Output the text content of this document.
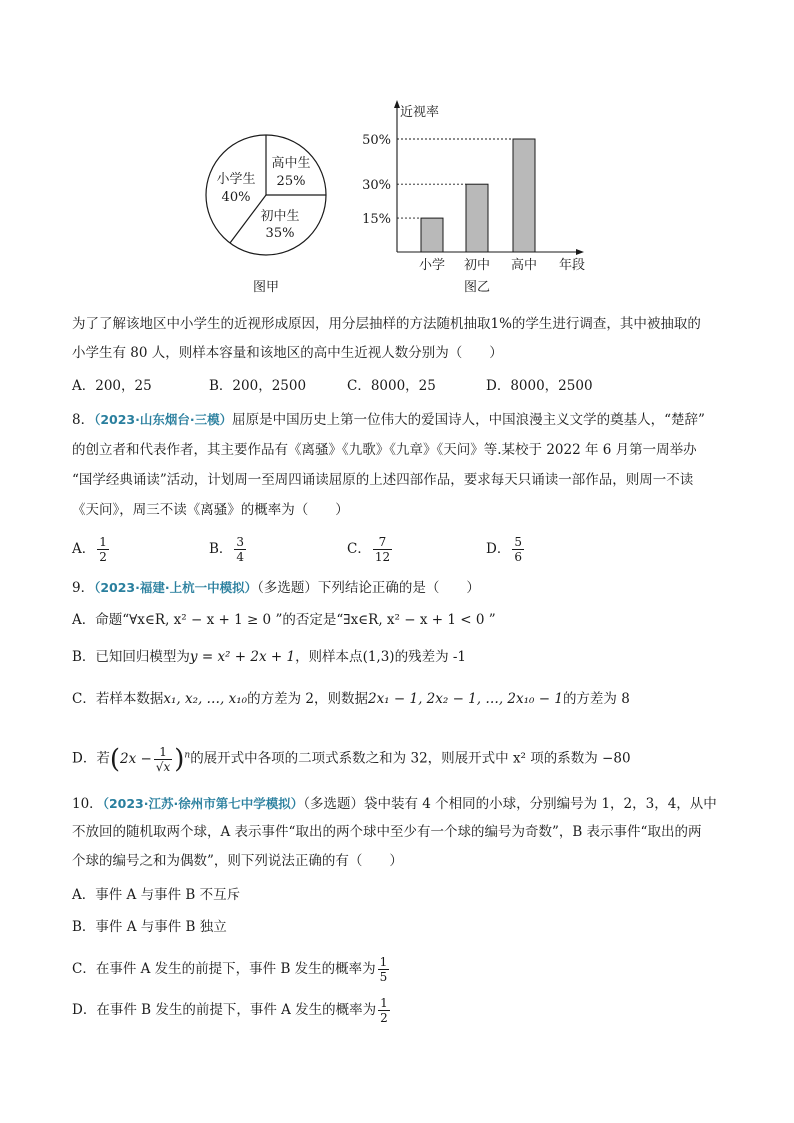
小学生
40%
初中生
35%
高中生
25%
图甲
近视率
年段
15%
小学
30%
初中
50%
高中
图乙
为了了解该地区中小学生的近视形成原因，用分层抽样的方法随机抽取1%的学生进行调查，其中被抽取的
小学生有 80 人，则样本容量和该地区的高中生近视人数分别为（　　）
A．200，25	B．200，2500	C．8000，25	D．8000，2500
8．（2023·山东烟台·三模）屈原是中国历史上第一位伟大的爱国诗人，中国浪漫主义文学的奠基人，“楚辞”
的创立者和代表作者，其主要作品有《离骚》《九歌》《九章》《天问》等.某校于 2022 年 6 月第一周举办
“国学经典诵读”活动，计划周一至周四诵读屈原的上述四部作品，要求每天只诵读一部作品，则周一不读
《天问》，周三不读《离骚》的概率为（　　）
A． $\frac{1}{2}$	B． $\frac{3}{4}$	C． $\frac{7}{12}$	D． $\frac{5}{6}$
9．（2023·福建·上杭一中模拟）（多选题）下列结论正确的是（　　）
A．命题“∀x∈R, x² − x + 1 ≥ 0 ”的否定是“∃x∈R, x² − x + 1 < 0 ”
B．已知回归模型为y = x² + 2x + 1，则样本点(1,3)的残差为 -1
C．若样本数据x₁, x₂, …, x₁₀的方差为 2，则数据2x₁ − 1, 2x₂ − 1, …, 2x₁₀ − 1的方差为 8
D．若$(2x - \frac{1}{√x} )^n$的展开式中各项的二项式系数之和为 32，则展开式中 x² 项的系数为 −80
10．（2023·江苏·徐州市第七中学模拟）（多选题）袋中装有 4 个相同的小球，分别编号为 1，2，3，4，从中
不放回的随机取两个球，A 表示事件“取出的两个球中至少有一个球的编号为奇数”，B 表示事件“取出的两
个球的编号之和为偶数”，则下列说法正确的有（　　）
A．事件 A 与事件 B 不互斥
B．事件 A 与事件 B 独立
C．在事件 A 发生的前提下，事件 B 发生的概率为 $\frac{1}{5}$
D．在事件 B 发生的前提下，事件 A 发生的概率为 $\frac{1}{2}$
